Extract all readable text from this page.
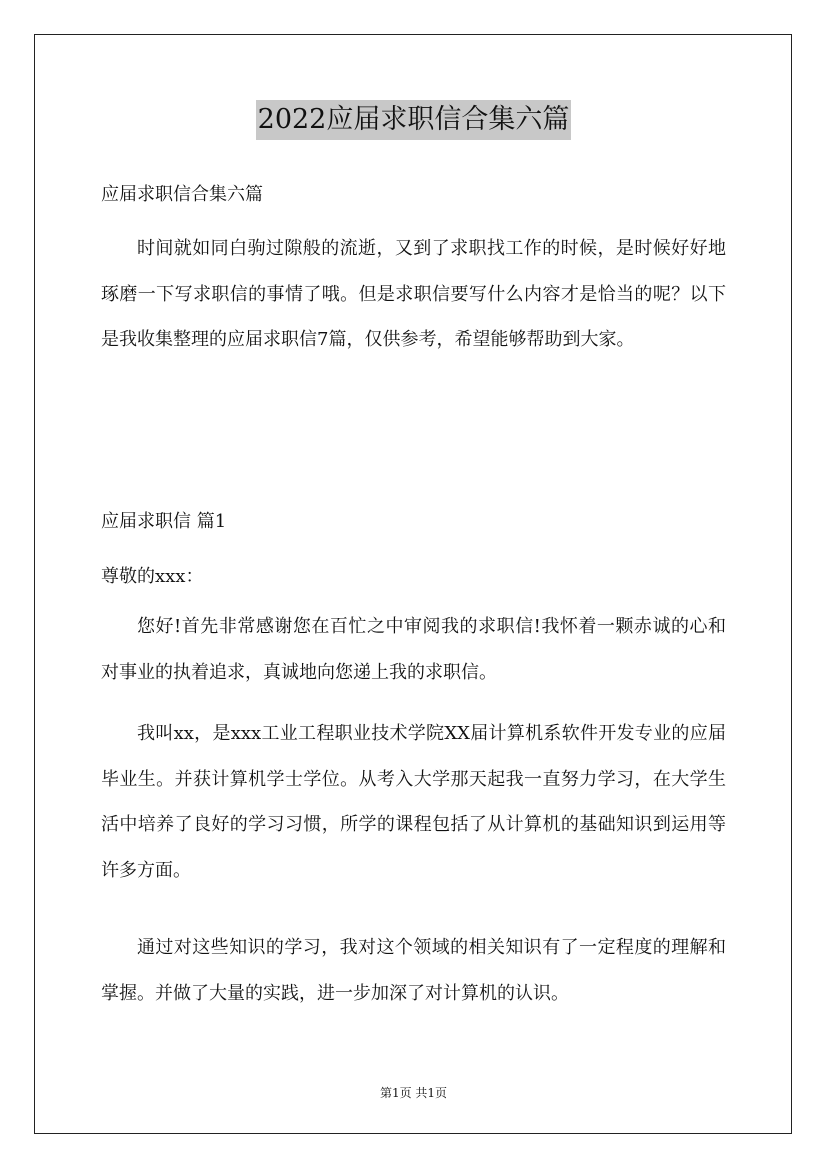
2022应届求职信合集六篇
应届求职信合集六篇

时间就如同白驹过隙般的流逝，又到了求职找工作的时候，是时候好好地琢磨一下写求职信的事情了哦。但是求职信要写什么内容才是恰当的呢？以下是我收集整理的应届求职信7篇，仅供参考，希望能够帮助到大家。

应届求职信 篇1
尊敬的xxx：

您好!首先非常感谢您在百忙之中审阅我的求职信!我怀着一颗赤诚的心和对事业的执着追求，真诚地向您递上我的求职信。

我叫xx，是xxx工业工程职业技术学院XX届计算机系软件开发专业的应届毕业生。并获计算机学士学位。从考入大学那天起我一直努力学习，在大学生活中培养了良好的学习习惯，所学的课程包括了从计算机的基础知识到运用等许多方面。

通过对这些知识的学习，我对这个领域的相关知识有了一定程度的理解和掌握。并做了大量的实践，进一步加深了对计算机的认识。

第1页 共1页
